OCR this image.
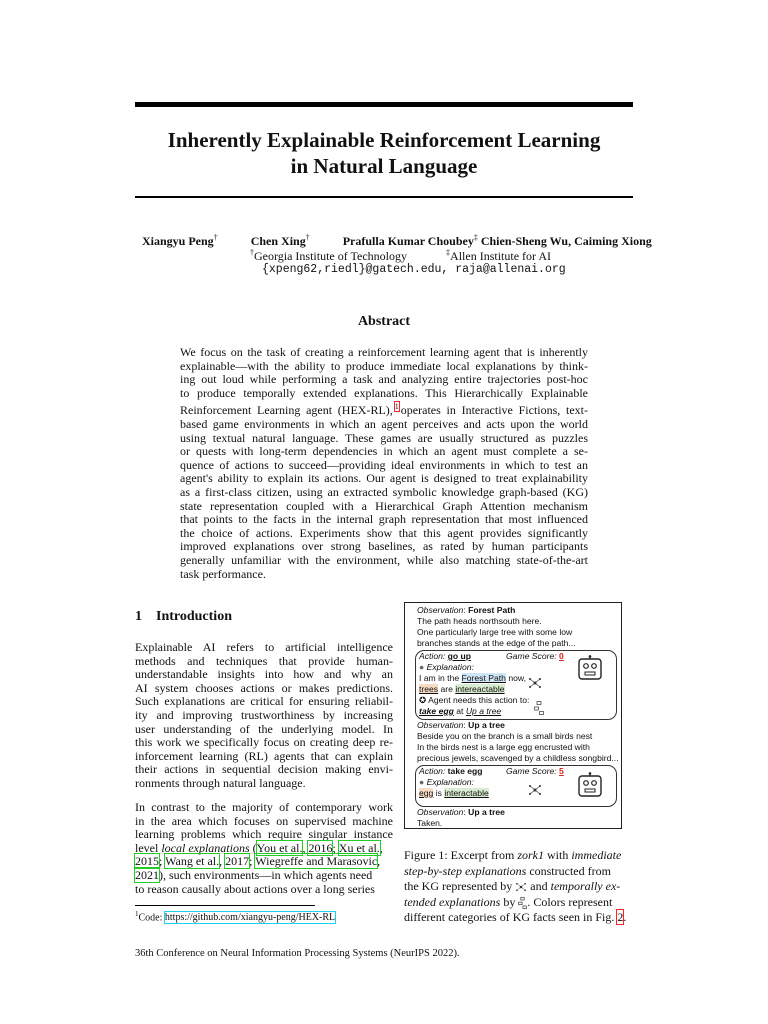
Inherently Explainable Reinforcement Learning
in Natural Language
Xiangyu Peng†	Chen Xing†	Prafulla Kumar Choubey‡ Chien-Sheng Wu, Caiming Xiong
†Georgia Institute of Technology	‡Allen Institute for AI
{xpeng62,riedl}@gatech.edu, raja@allenai.org
Abstract
We focus on the task of creating a reinforcement learning agent that is inherently
explainable—with the ability to produce immediate local explanations by think-
ing out loud while performing a task and analyzing entire trajectories post-hoc
to produce temporally extended explanations. This Hierarchically Explainable
Reinforcement Learning agent (HEX-RL), $^1$ operates in Interactive Fictions, text-
based game environments in which an agent perceives and acts upon the world
using textual natural language. These games are usually structured as puzzles
or quests with long-term dependencies in which an agent must complete a se-
quence of actions to succeed—providing ideal environments in which to test an
agent's ability to explain its actions. Our agent is designed to treat explainability
as a first-class citizen, using an extracted symbolic knowledge graph-based (KG)
state representation coupled with a Hierarchical Graph Attention mechanism
that points to the facts in the internal graph representation that most influenced
the choice of actions. Experiments show that this agent provides significantly
improved explanations over strong baselines, as rated by human participants
generally unfamiliar with the environment, while also matching state-of-the-art
task performance.
1 Introduction
Explainable AI refers to artificial intelligence
methods and techniques that provide human-
understandable insights into how and why an
AI system chooses actions or makes predictions.
Such explanations are critical for ensuring reliabil-
ity and improving trustworthiness by increasing
user understanding of the underlying model. In
this work we specifically focus on creating deep re-
inforcement learning (RL) agents that can explain
their actions in sequential decision making envi-
ronments through natural language.
In contrast to the majority of contemporary work
in the area which focuses on supervised machine
learning problems which require singular instance
level local explanations (You et al., 2016; Xu et al.,
2015; Wang et al., 2017; Wiegreffe and Marasovic,
2021), such environments—in which agents need
to reason causally about actions over a long series
$^1$Code: https://github.com/xiangyu-peng/HEX-RL
36th Conference on Neural Information Processing Systems (NeurIPS 2022).
Observation: Forest Path
The path heads northsouth here.
One particularly large tree with some low
branches stands at the edge of the path...
Action: go up	Game Score: 0
● Explanation:
I am in the Forest Path now,
trees are intereactable
✪ Agent needs this action to:
take egg at Up a tree
Observation: Up a tree
Beside you on the branch is a small birds nest
In the birds nest is a large egg encrusted with
precious jewels, scavenged by a childless songbird...
Action: take egg	Game Score: 5
● Explanation:
egg is interactable
Observation: Up a tree
Taken.
Figure 1: Excerpt from zork1 with immediate
step-by-step explanations constructed from
the KG represented by  and temporally ex-
tended explanations by . Colors represent
different categories of KG facts seen in Fig. 2.
